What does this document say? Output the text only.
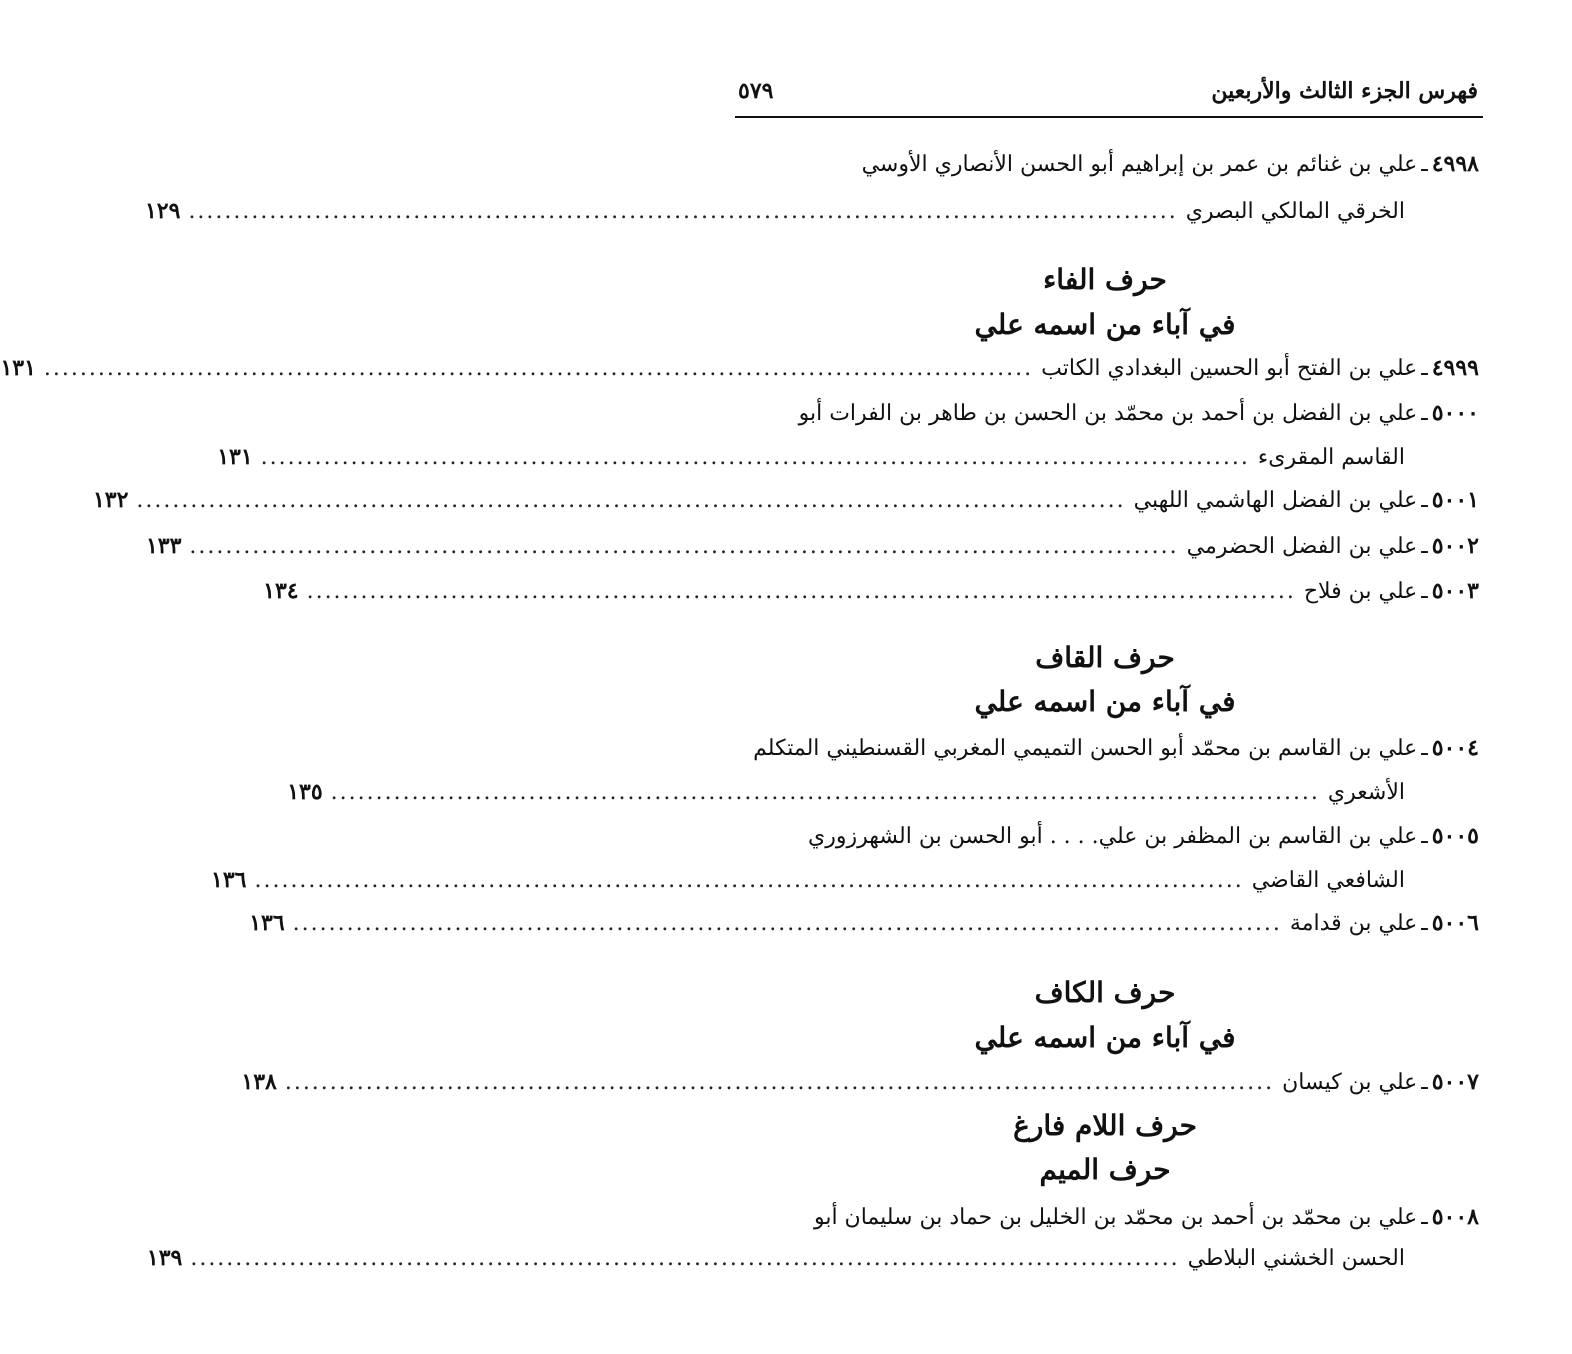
فهرس الجزء الثالث والأربعين
٥٧٩
٤٩٩٨
ـ
علي بن غنائم بن عمر بن إبراهيم أبو الحسن الأنصاري الأوسي
الخرقي المالكي البصري
..............................................................................................................
١٢٩
حرف الفاء
في آباء من اسمه علي
٤٩٩٩
ـ
علي بن الفتح أبو الحسين البغدادي الكاتب
..............................................................................................................
١٣١
٥٠٠٠
ـ
علي بن الفضل بن أحمد بن محمّد بن الحسن بن طاهر بن الفرات أبو
القاسم المقرىء
..............................................................................................................
١٣١
٥٠٠١
ـ
علي بن الفضل الهاشمي اللهبي
..............................................................................................................
١٣٢
٥٠٠٢
ـ
علي بن الفضل الحضرمي
..............................................................................................................
١٣٣
٥٠٠٣
ـ
علي بن فلاح
..............................................................................................................
١٣٤
حرف القاف
في آباء من اسمه علي
٥٠٠٤
ـ
علي بن القاسم بن محمّد أبو الحسن التميمي المغربي القسنطيني المتكلم
الأشعري
..............................................................................................................
١٣٥
٥٠٠٥
ـ
علي بن القاسم بن المظفر بن علي. . . . أبو الحسن بن الشهرزوري
الشافعي القاضي
..............................................................................................................
١٣٦
٥٠٠٦
ـ
علي بن قدامة
..............................................................................................................
١٣٦
حرف الكاف
في آباء من اسمه علي
٥٠٠٧
ـ
علي بن كيسان
..............................................................................................................
١٣٨
حرف اللام فارغ
حرف الميم
٥٠٠٨
ـ
علي بن محمّد بن أحمد بن محمّد بن الخليل بن حماد بن سليمان أبو
الحسن الخشني البلاطي
..............................................................................................................
١٣٩
